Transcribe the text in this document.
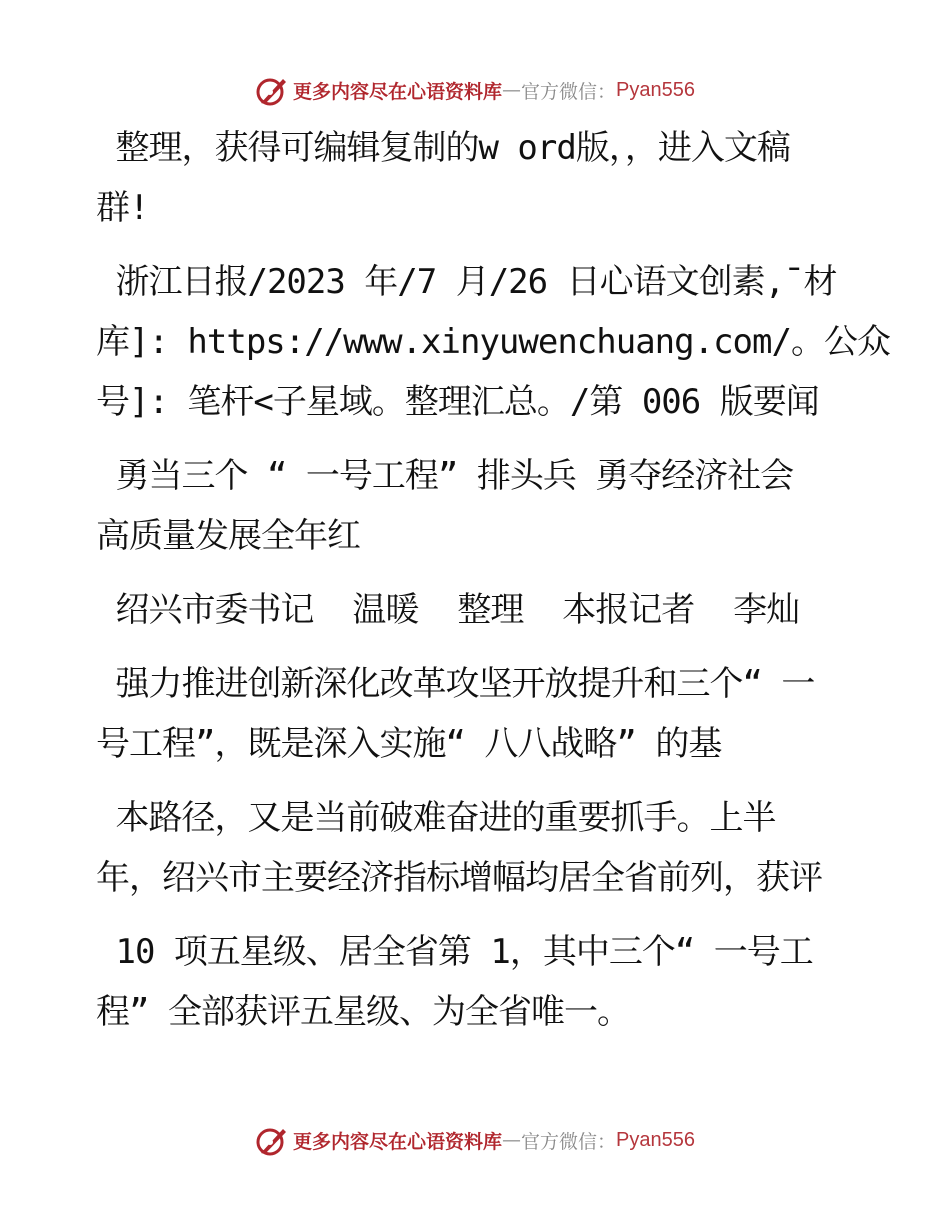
更多内容尽在心语资料库 — 官方微信： Pyan556
整理，获得可编辑复制的w ord版，，进入文稿
群!
浙江日报/2023 年/7 月/26 日心语文创素,¯材
库]: https://www.xinyuwenchuang.com/。公众
号]: 笔杆<子星域。整理汇总。/第 006 版要闻
勇当三个 “ 一号工程” 排头兵 勇夺经济社会
高质量发展全年红
绍兴市委书记  温暖  整理  本报记者  李灿
强力推进创新深化改革攻坚开放提升和三个“ 一
号工程”，既是深入实施“ 八八战略” 的基
本路径，又是当前破难奋进的重要抓手。上半
年，绍兴市主要经济指标增幅均居全省前列，获评
10 项五星级、居全省第 1，其中三个“ 一号工
程” 全部获评五星级、为全省唯一。
更多内容尽在心语资料库 — 官方微信： Pyan556
